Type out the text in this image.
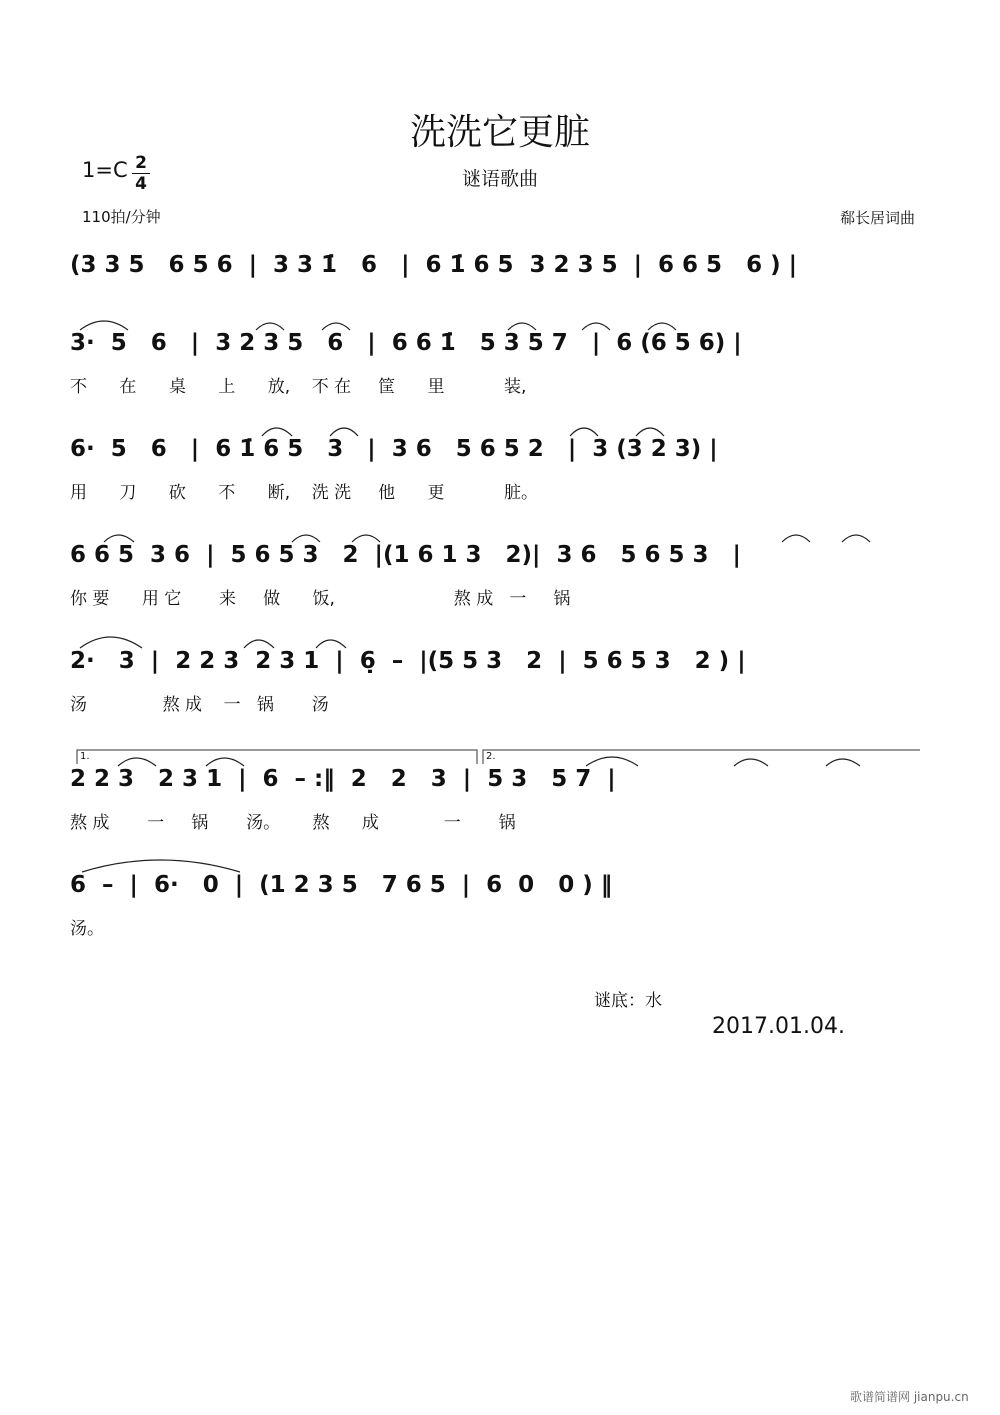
洗洗它更脏
谜语歌曲
1=C 2
4
110拍/分钟	郗长居词曲
(3 3 5   6 5 6  |  3 3 1̇   6   |  6 1̇ 6 5  3 2 3 5  |  6 6 5   6 ) |
3·  5   6   |  3 2 3 5   6   |  6 6 1̇   5 3 5 7   |  6 (6 5 6) |
不      在      桌      上      放,    不 在     筐      里           装,
6·  5   6   |  6 1̇ 6 5   3   |  3 6   5 6 5 2   |  3 (3 2 3) |
用      刀      砍      不      断,    洗 洗     他      更           脏。
6 6 5  3 6  |  5 6 5 3   2  |(1 6 1 3   2)|  3 6   5 6 5 3   |
你 要      用 它       来     做      饭,                      熬 成   一     锅
2·   3  |  2 2 3  2 3 1  |  6̣  –  |(5 5 3   2  |  5 6 5 3   2 ) |
汤              熬 成    一   锅       汤
1.	2.
2 2 3   2 3 1  |  6  – :‖  2   2   3  |  5 3   5 7  |
熬 成       一     锅       汤。      熬      成            一       锅
6  –  |  6·   0  |  (1 2 3 5   7 6 5  |  6  0   0 ) ‖
汤。
谜底：水
2017.01.04.
歌谱简谱网 jianpu.cn
